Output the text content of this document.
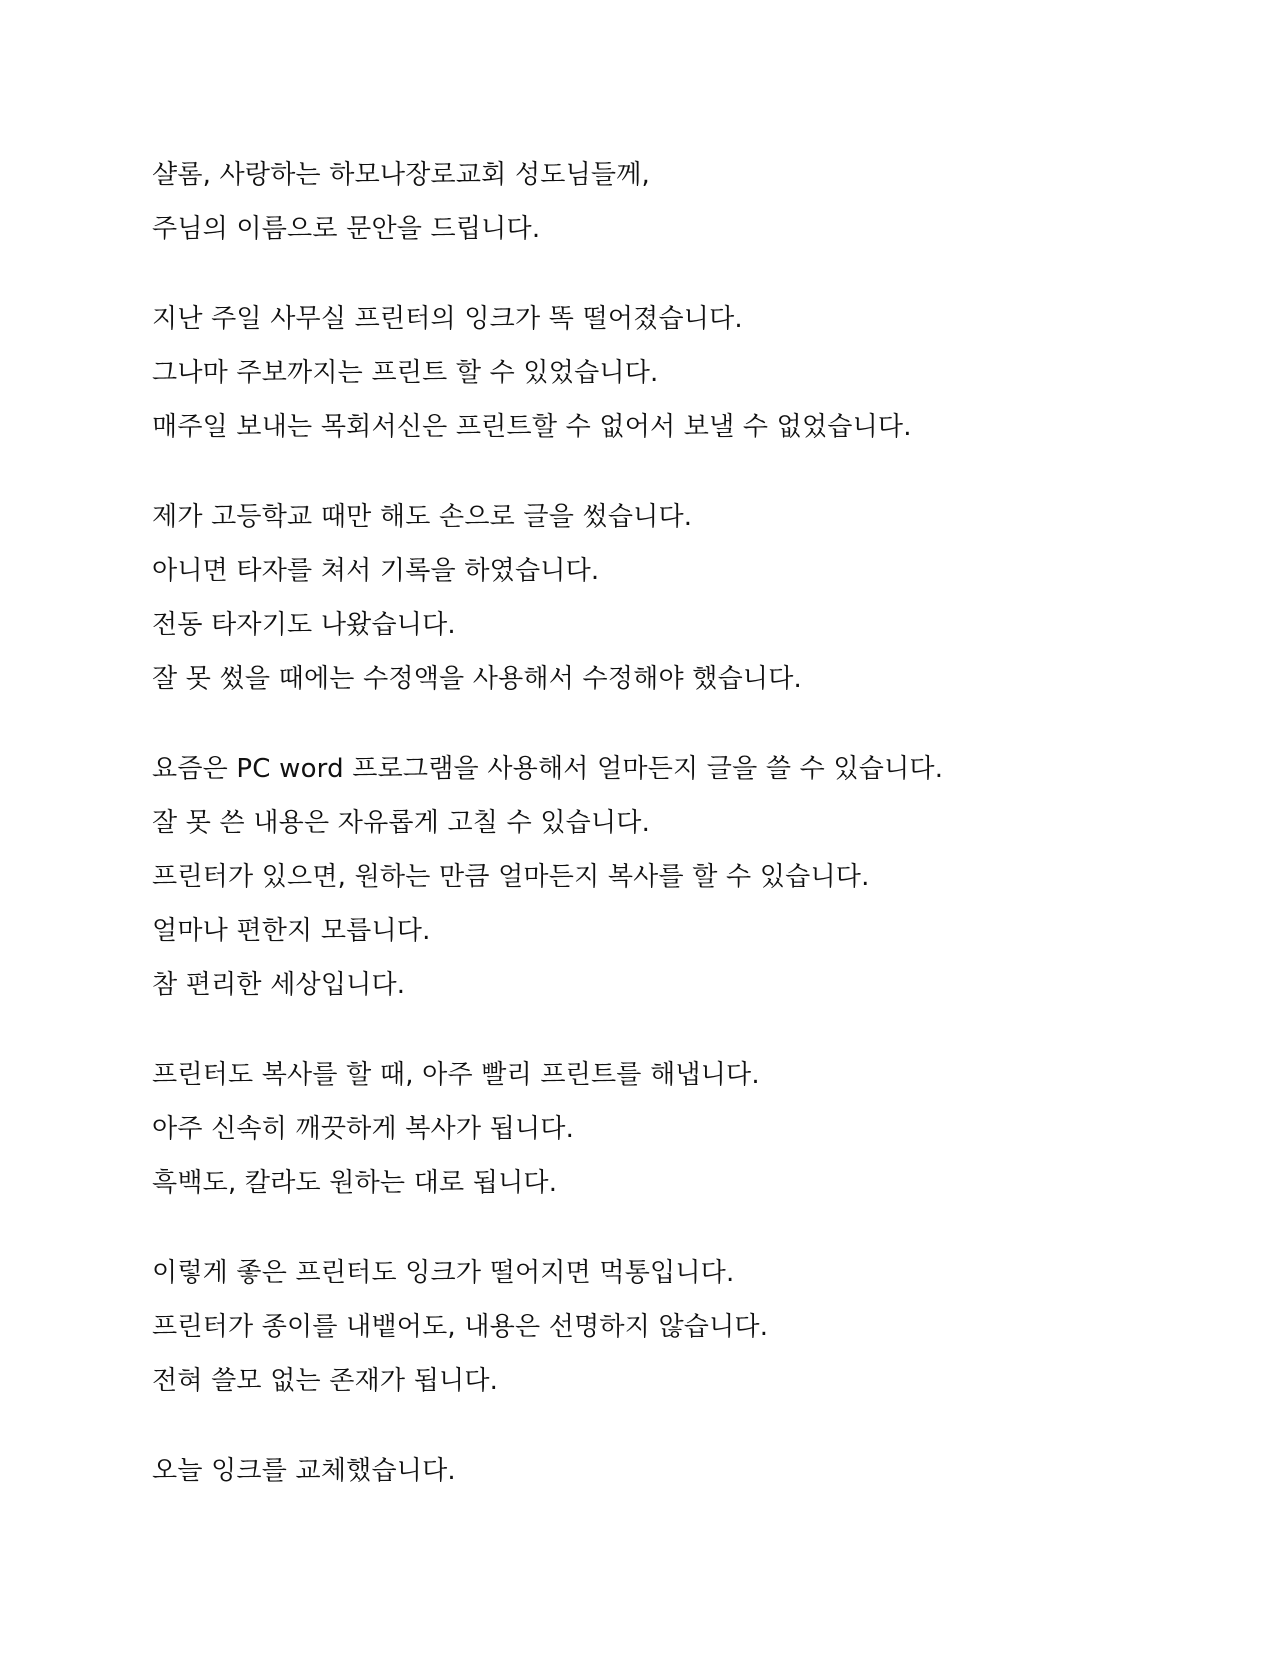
샬롬, 사랑하는 하모나장로교회 성도님들께,
주님의 이름으로 문안을 드립니다.

지난 주일 사무실 프린터의 잉크가 똑 떨어졌습니다.
그나마 주보까지는 프린트 할 수 있었습니다.
매주일 보내는 목회서신은 프린트할 수 없어서 보낼 수 없었습니다.

제가 고등학교 때만 해도 손으로 글을 썼습니다.
아니면 타자를 쳐서 기록을 하였습니다.
전동 타자기도 나왔습니다.
잘 못 썼을 때에는 수정액을 사용해서 수정해야 했습니다.

요즘은 PC word 프로그램을 사용해서 얼마든지 글을 쓸 수 있습니다.
잘 못 쓴 내용은 자유롭게 고칠 수 있습니다.
프린터가 있으면, 원하는 만큼 얼마든지 복사를 할 수 있습니다.
얼마나 편한지 모릅니다.
참 편리한 세상입니다.

프린터도 복사를 할 때, 아주 빨리 프린트를 해냅니다.
아주 신속히 깨끗하게 복사가 됩니다.
흑백도, 칼라도 원하는 대로 됩니다.

이렇게 좋은 프린터도 잉크가 떨어지면 먹통입니다.
프린터가 종이를 내뱉어도, 내용은 선명하지 않습니다.
전혀 쓸모 없는 존재가 됩니다.

오늘 잉크를 교체했습니다.
